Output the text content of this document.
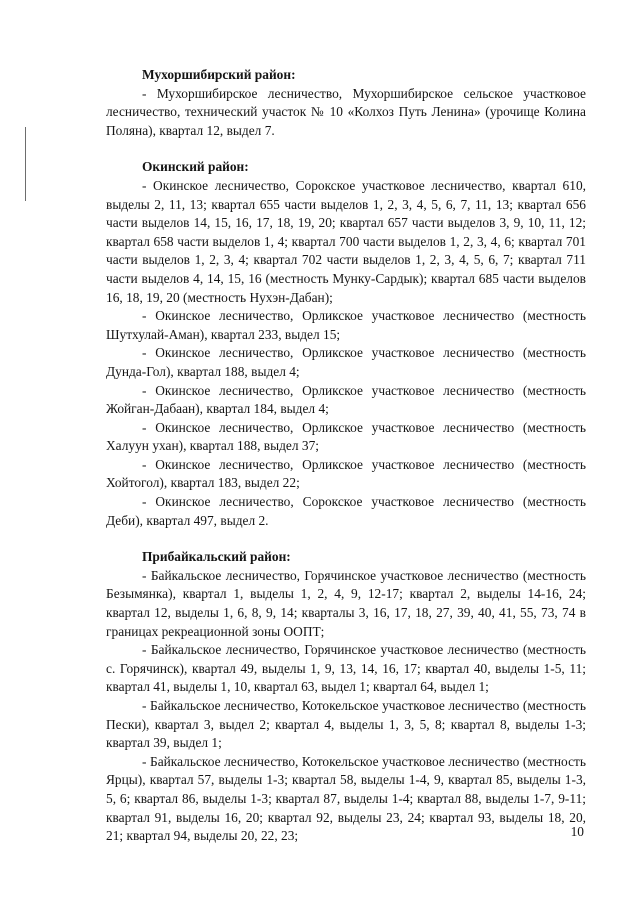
Мухоршибирский район:

- Мухоршибирское лесничество, Мухоршибирское сельское участковое лесничество, технический участок № 10 «Колхоз Путь Ленина» (урочище Колина Поляна), квартал 12, выдел 7.

Окинский район:

- Окинское лесничество, Сорокское участковое лесничество, квартал 610, выделы 2, 11, 13; квартал 655 части выделов 1, 2, 3, 4, 5, 6, 7, 11, 13; квартал 656 части выделов 14, 15, 16, 17, 18, 19, 20; квартал 657 части выделов 3, 9, 10, 11, 12; квартал 658 части выделов 1, 4; квартал 700 части выделов 1, 2, 3, 4, 6; квартал 701 части выделов 1, 2, 3, 4; квартал 702 части выделов 1, 2, 3, 4, 5, 6, 7; квартал 711 части выделов 4, 14, 15, 16 (местность Мунку-Сардык); квартал 685 части выделов 16, 18, 19, 20 (местность Нухэн-Дабан);

- Окинское лесничество, Орликское участковое лесничество (местность Шутхулай-Аман), квартал 233, выдел 15;

- Окинское лесничество, Орликское участковое лесничество (местность Дунда-Гол), квартал 188, выдел 4;

- Окинское лесничество, Орликское участковое лесничество (местность Жойган-Дабаан), квартал 184, выдел 4;

- Окинское лесничество, Орликское участковое лесничество (местность Халуун ухан), квартал 188, выдел 37;

- Окинское лесничество, Орликское участковое лесничество (местность Хойтогол), квартал 183, выдел 22;

- Окинское лесничество, Сорокское участковое лесничество (местность Деби), квартал 497, выдел 2.

Прибайкальский район:

- Байкальское лесничество, Горячинское участковое лесничество (местность Безымянка), квартал 1, выделы 1, 2, 4, 9, 12-17; квартал 2, выделы 14-16, 24; квартал 12, выделы 1, 6, 8, 9, 14; кварталы 3, 16, 17, 18, 27, 39, 40, 41, 55, 73, 74 в границах рекреационной зоны ООПТ;

- Байкальское лесничество, Горячинское участковое лесничество (местность с. Горячинск), квартал 49, выделы 1, 9, 13, 14, 16, 17; квартал 40, выделы 1-5, 11; квартал 41, выделы 1, 10, квартал 63, выдел 1; квартал 64, выдел 1;

- Байкальское лесничество, Котокельское участковое лесничество (местность Пески), квартал 3, выдел 2; квартал 4, выделы 1, 3, 5, 8; квартал 8, выделы 1-3; квартал 39, выдел 1;

- Байкальское лесничество, Котокельское участковое лесничество (местность Ярцы), квартал 57, выделы 1-3; квартал 58, выделы 1-4, 9, квартал 85, выделы 1-3, 5, 6; квартал 86, выделы 1-3; квартал 87, выделы 1-4; квартал 88, выделы 1-7, 9-11; квартал 91, выделы 16, 20; квартал 92, выделы 23, 24; квартал 93, выделы 18, 20, 21; квартал 94, выделы 20, 22, 23;	10
